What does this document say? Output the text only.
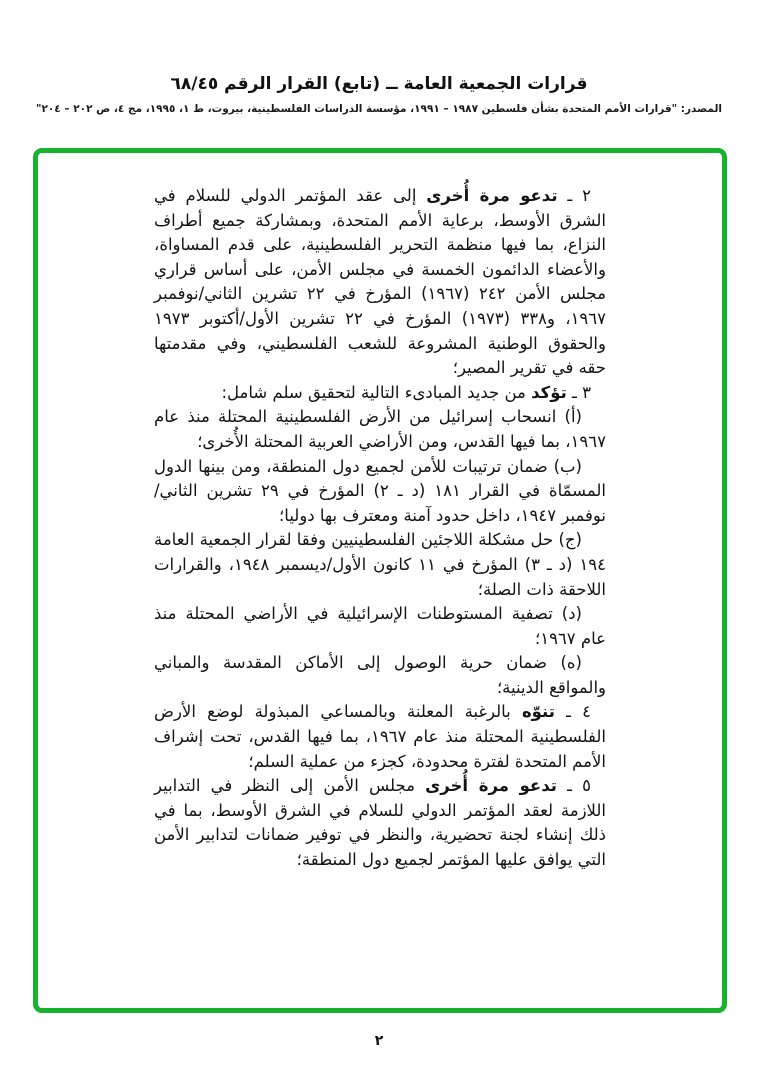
قرارات الجمعية العامة ــ (تابع) القرار الرقم ٦٨/٤٥
المصدر: "قرارات الأمم المتحدة بشأن فلسطين ١٩٨٧ – ١٩٩١، مؤسسة الدراسات الفلسطينية، بيروت، ط ١، ١٩٩٥، مج ٤، ص ٢٠٢ – ٢٠٤"

٢ ـ تدعو مرة أُخرى إلى عقد المؤتمر الدولي للسلام في الشرق الأوسط، برعاية الأمم المتحدة، وبمشاركة جميع أطراف النزاع، بما فيها منظمة التحرير الفلسطينية، على قدم المساواة، والأعضاء الدائمون الخمسة في مجلس الأمن، على أساس قراري مجلس الأمن ٢٤٢ (١٩٦٧) المؤرخ في ٢٢ تشرين الثاني/نوفمبر ١٩٦٧، و٣٣٨ (١٩٧٣) المؤرخ في ٢٢ تشرين الأول/أكتوبر ١٩٧٣ والحقوق الوطنية المشروعة للشعب الفلسطيني، وفي مقدمتها حقه في تقرير المصير؛

٣ ـ تؤكد من جديد المبادىء التالية لتحقيق سلم شامل:

(أ) انسحاب إسرائيل من الأرض الفلسطينية المحتلة منذ عام ١٩٦٧، بما فيها القدس، ومن الأراضي العربية المحتلة الأُخرى؛

(ب) ضمان ترتيبات للأمن لجميع دول المنطقة، ومن بينها الدول المسمّاة في القرار ١٨١ (د ـ ٢) المؤرخ في ٢٩ تشرين الثاني/نوفمبر ١٩٤٧، داخل حدود آمنة ومعترف بها دوليا؛

(ج) حل مشكلة اللاجئين الفلسطينيين وفقا لقرار الجمعية العامة ١٩٤ (د ـ ٣) المؤرخ في ١١ كانون الأول/ديسمبر ١٩٤٨، والقرارات اللاحقة ذات الصلة؛

(د) تصفية المستوطنات الإسرائيلية في الأراضي المحتلة منذ عام ١٩٦٧؛

(ه) ضمان حرية الوصول إلى الأماكن المقدسة والمباني والمواقع الدينية؛

٤ ـ تنوّه بالرغبة المعلنة وبالمساعي المبذولة لوضع الأرض الفلسطينية المحتلة منذ عام ١٩٦٧، بما فيها القدس، تحت إشراف الأمم المتحدة لفترة محدودة، كجزء من عملية السلم؛

٥ ـ تدعو مرة أُخرى مجلس الأمن إلى النظر في التدابير اللازمة لعقد المؤتمر الدولي للسلام في الشرق الأوسط، بما في ذلك إنشاء لجنة تحضيرية، والنظر في توفير ضمانات لتدابير الأمن التي يوافق عليها المؤتمر لجميع دول المنطقة؛

٢
